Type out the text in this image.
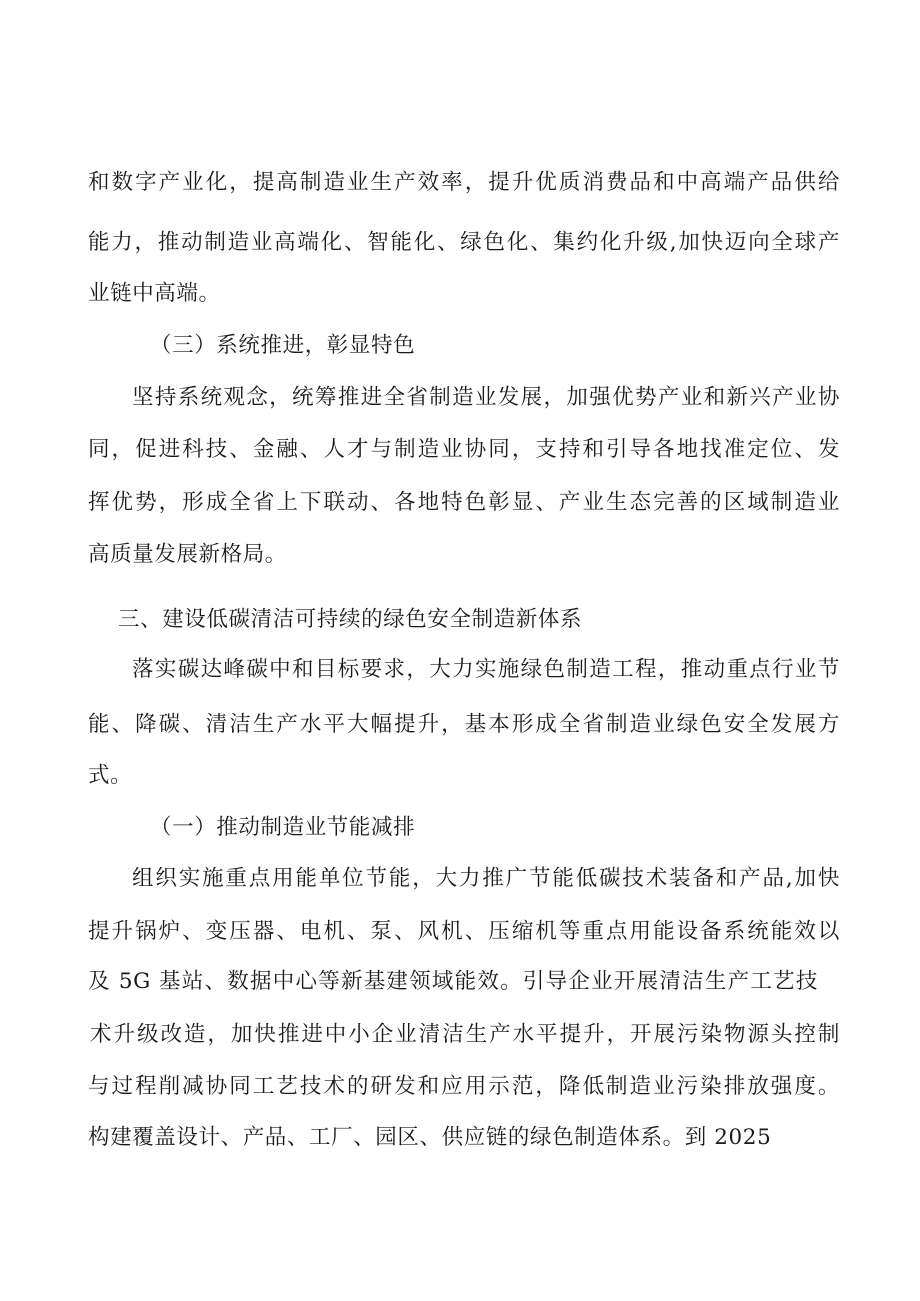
和数字产业化，提高制造业生产效率，提升优质消费品和中高端产品供给
能力，推动制造业高端化、智能化、绿色化、集约化升级,加快迈向全球产
业链中高端。
（三）系统推进，彰显特色
坚持系统观念，统筹推进全省制造业发展，加强优势产业和新兴产业协
同，促进科技、金融、人才与制造业协同，支持和引导各地找准定位、发
挥优势，形成全省上下联动、各地特色彰显、产业生态完善的区域制造业
高质量发展新格局。
三、建设低碳清洁可持续的绿色安全制造新体系
落实碳达峰碳中和目标要求，大力实施绿色制造工程，推动重点行业节
能、降碳、清洁生产水平大幅提升，基本形成全省制造业绿色安全发展方
式。
（一）推动制造业节能减排
组织实施重点用能单位节能，大力推广节能低碳技术装备和产品,加快
提升锅炉、变压器、电机、泵、风机、压缩机等重点用能设备系统能效以
及 5G 基站、数据中心等新基建领域能效。引导企业开展清洁生产工艺技
术升级改造，加快推进中小企业清洁生产水平提升，开展污染物源头控制
与过程削减协同工艺技术的研发和应用示范，降低制造业污染排放强度。
构建覆盖设计、产品、工厂、园区、供应链的绿色制造体系。到 2025
